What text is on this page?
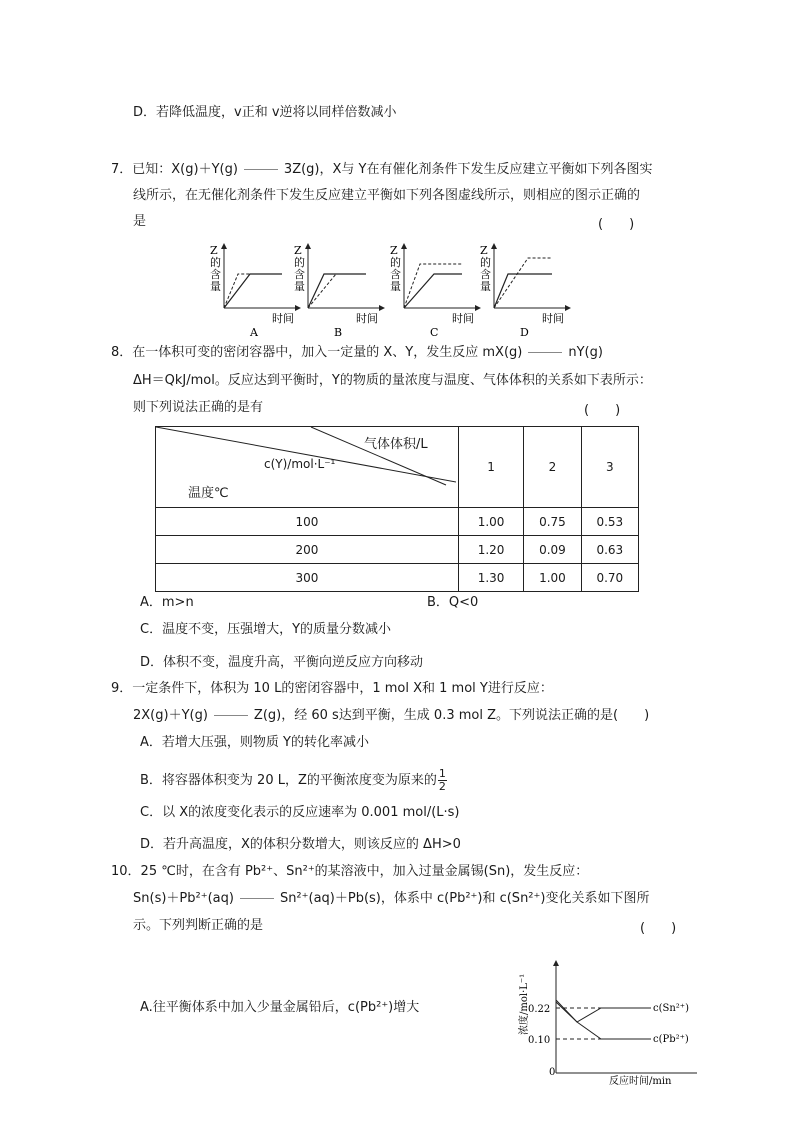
D．若降低温度，v正和 v逆将以同样倍数减小
7．已知：X(g)＋Y(g)	3Z(g)，X与 Y在有催化剂条件下发生反应建立平衡如下列各图实
线所示，在无催化剂条件下发生反应建立平衡如下列各图虚线所示，则相应的图示正确的
是	(　　)
Z
的
含
量
时间
A
Z
的
含
量
时间
B
Z
的
含
量
时间
C
Z
的
含
量
时间
D
8．在一体积可变的密闭容器中，加入一定量的 X、Y，发生反应 mX(g)	nY(g)
ΔH＝QkJ/mol。反应达到平衡时，Y的物质的量浓度与温度、气体体积的关系如下表所示：
则下列说法正确的是有	(　　)
气体体积/L
c(Y)/mol·L⁻¹
温度℃	1	2	3
100	1.00	0.75	0.53
200	1.20	0.09	0.63
300	1.30	1.00	0.70
A．m>n	B．Q<0
C．温度不变，压强增大，Y的质量分数减小
D．体积不变，温度升高，平衡向逆反应方向移动
9．一定条件下，体积为 10 L的密闭容器中，1 mol X和 1 mol Y进行反应：
2X(g)＋Y(g)	Z(g)，经 60 s达到平衡，生成 0.3 mol Z。下列说法正确的是(　　)
A．若增大压强，则物质 Y的转化率减小
B．将容器体积变为 20 L，Z的平衡浓度变为原来的 $\frac{1}{2}$
C．以 X的浓度变化表示的反应速率为 0.001 mol/(L·s)
D．若升高温度，X的体积分数增大，则该反应的 ΔH>0
10．25 ℃时，在含有 Pb²⁺、Sn²⁺的某溶液中，加入过量金属锡(Sn)，发生反应：
Sn(s)＋Pb²⁺(aq)	Sn²⁺(aq)＋Pb(s)，体系中 c(Pb²⁺)和 c(Sn²⁺)变化关系如下图所
示。下列判断正确的是	(　　)
A.往平衡体系中加入少量金属铅后，c(Pb²⁺)增大	浓度/mol·L⁻¹
0
0.22
0.10
c(Sn²⁺)
c(Pb²⁺)
反应时间/min
